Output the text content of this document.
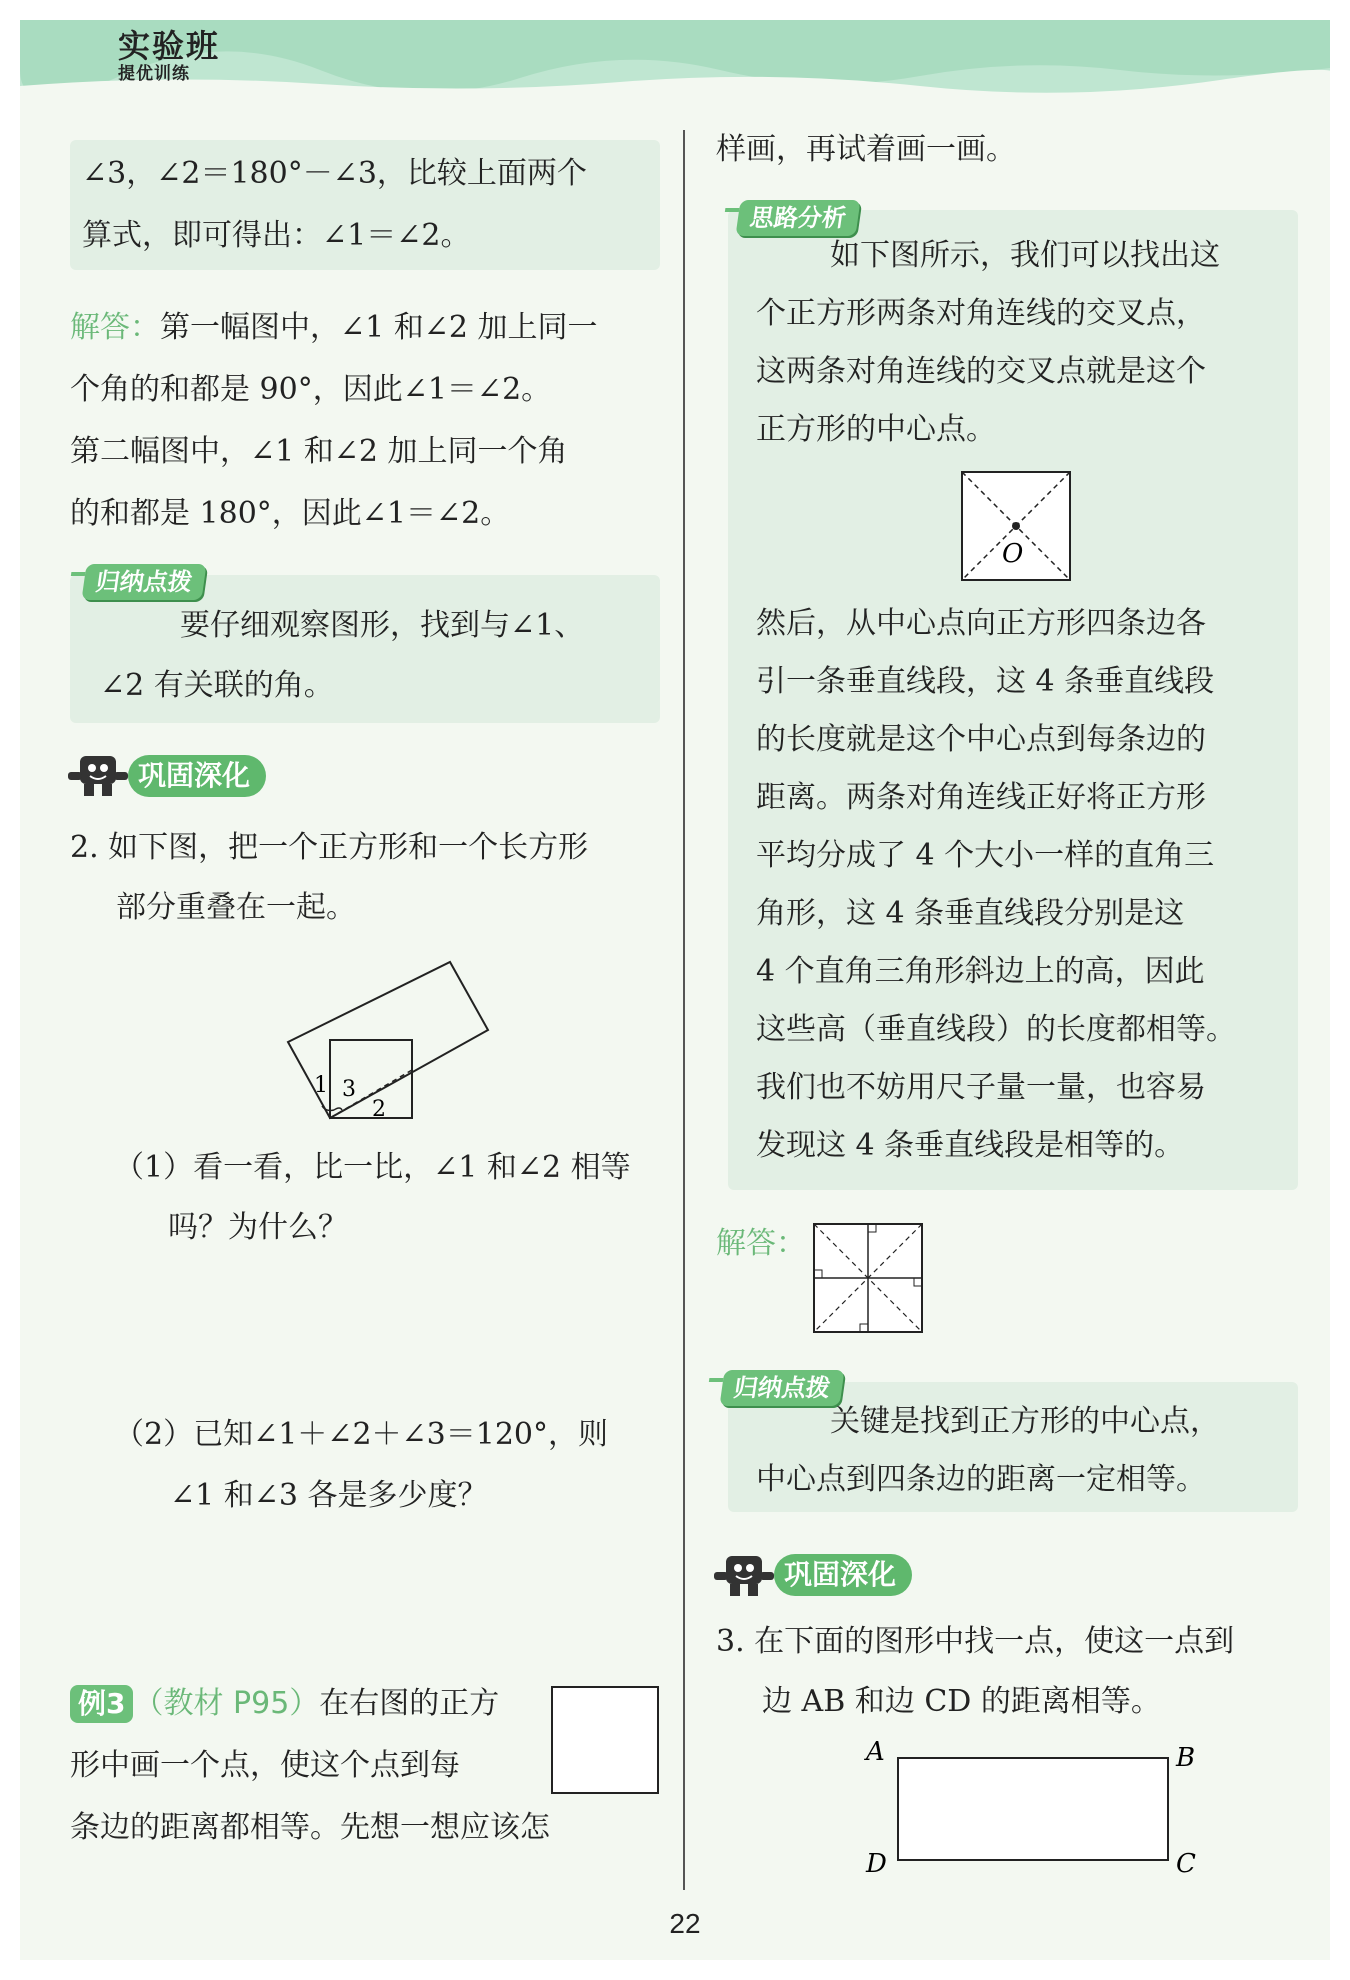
实验班
提优训练
∠3，∠2＝180°－∠3，比较上面两个
算式，即可得出：∠1＝∠2。
解答：第一幅图中，∠1 和∠2 加上同一
个角的和都是 90°，因此∠1＝∠2。
第二幅图中，∠1 和∠2 加上同一个角
的和都是 180°，因此∠1＝∠2。
归纳点拨
要仔细观察图形，找到与∠1、
∠2 有关联的角。
巩固深化
2. 如下图，把一个正方形和一个长方形
部分重叠在一起。
1 3
2
（1）看一看，比一比，∠1 和∠2 相等
吗？为什么？
（2）已知∠1＋∠2＋∠3＝120°，则
∠1 和∠3 各是多少度？
例3 （教材 P95）在右图的正方
形中画一个点，使这个点到每
条边的距离都相等。先想一想应该怎
样画，再试着画一画。
思路分析
如下图所示，我们可以找出这
个正方形两条对角连线的交叉点，
这两条对角连线的交叉点就是这个
正方形的中心点。
O
然后，从中心点向正方形四条边各
引一条垂直线段，这 4 条垂直线段
的长度就是这个中心点到每条边的
距离。两条对角连线正好将正方形
平均分成了 4 个大小一样的直角三
角形，这 4 条垂直线段分别是这
4 个直角三角形斜边上的高，因此
这些高（垂直线段）的长度都相等。
我们也不妨用尺子量一量，也容易
发现这 4 条垂直线段是相等的。
解答：
归纳点拨
关键是找到正方形的中心点，
中心点到四条边的距离一定相等。
巩固深化
3. 在下面的图形中找一点，使这一点到
边 AB 和边 CD 的距离相等。
A	B
C
D
22
